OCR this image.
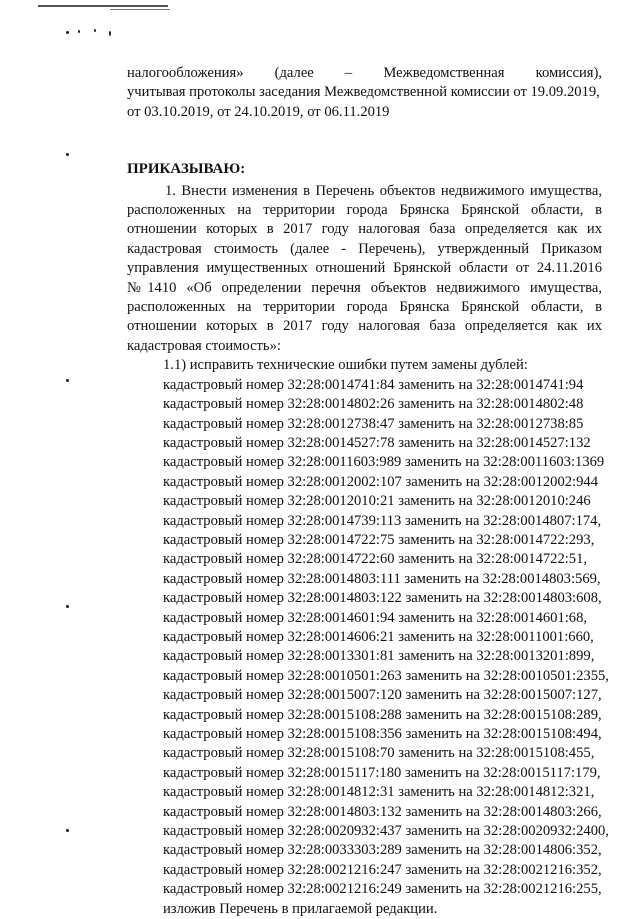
налогообложения» (далее – Межведомственная комиссия),
учитывая протоколы заседания Межведомственной комиссии от 19.09.2019,
от 03.10.2019, от 24.10.2019, от 06.11.2019
ПРИКАЗЫВАЮ:
1. Внести изменения в Перечень объектов недвижимого имущества,
расположенных на территории города Брянска Брянской области, в
отношении которых в 2017 году налоговая база определяется как их
кадастровая стоимость (далее - Перечень), утвержденный Приказом
управления имущественных отношений Брянской области от 24.11.2016
№1410 «Об определении перечня объектов недвижимого имущества,
расположенных на территории города Брянска Брянской области, в
отношении которых в 2017 году налоговая база определяется как их
кадастровая стоимость»:
1.1) исправить технические ошибки путем замены дублей:
кадастровый номер 32:28:0014741:84 заменить на 32:28:0014741:94
кадастровый номер 32:28:0014802:26 заменить на 32:28:0014802:48
кадастровый номер 32:28:0012738:47 заменить на 32:28:0012738:85
кадастровый номер 32:28:0014527:78 заменить на 32:28:0014527:132
кадастровый номер 32:28:0011603:989 заменить на 32:28:0011603:1369
кадастровый номер 32:28:0012002:107 заменить на 32:28:0012002:944
кадастровый номер 32:28:0012010:21 заменить на 32:28:0012010:246
кадастровый номер 32:28:0014739:113 заменить на 32:28:0014807:174,
кадастровый номер 32:28:0014722:75 заменить на 32:28:0014722:293,
кадастровый номер 32:28:0014722:60 заменить на 32:28:0014722:51,
кадастровый номер 32:28:0014803:111 заменить на 32:28:0014803:569,
кадастровый номер 32:28:0014803:122 заменить на 32:28:0014803:608,
кадастровый номер 32:28:0014601:94 заменить на 32:28:0014601:68,
кадастровый номер 32:28:0014606:21 заменить на 32:28:0011001:660,
кадастровый номер 32:28:0013301:81 заменить на 32:28:0013201:899,
кадастровый номер 32:28:0010501:263 заменить на 32:28:0010501:2355,
кадастровый номер 32:28:0015007:120 заменить на 32:28:0015007:127,
кадастровый номер 32:28:0015108:288 заменить на 32:28:0015108:289,
кадастровый номер 32:28:0015108:356 заменить на 32:28:0015108:494,
кадастровый номер 32:28:0015108:70 заменить на 32:28:0015108:455,
кадастровый номер 32:28:0015117:180 заменить на 32:28:0015117:179,
кадастровый номер 32:28:0014812:31 заменить на 32:28:0014812:321,
кадастровый номер 32:28:0014803:132 заменить на 32:28:0014803:266,
кадастровый номер 32:28:0020932:437 заменить на 32:28:0020932:2400,
кадастровый номер 32:28:0033303:289 заменить на 32:28:0014806:352,
кадастровый номер 32:28:0021216:247 заменить на 32:28:0021216:352,
кадастровый номер 32:28:0021216:249 заменить на 32:28:0021216:255,
изложив Перечень в прилагаемой редакции.
